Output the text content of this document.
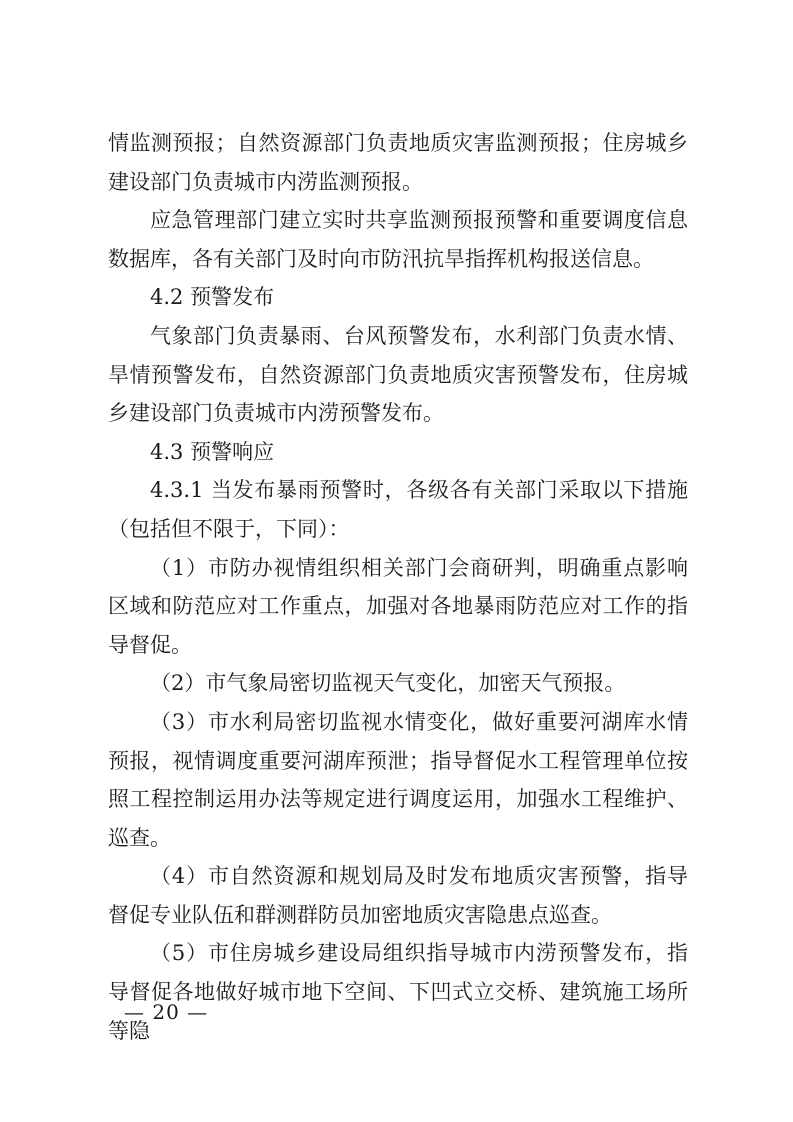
情监测预报；自然资源部门负责地质灾害监测预报；住房城乡建设部门负责城市内涝监测预报。

应急管理部门建立实时共享监测预报预警和重要调度信息数据库，各有关部门及时向市防汛抗旱指挥机构报送信息。

4.2 预警发布

气象部门负责暴雨、台风预警发布，水利部门负责水情、旱情预警发布，自然资源部门负责地质灾害预警发布，住房城乡建设部门负责城市内涝预警发布。

4.3 预警响应

4.3.1 当发布暴雨预警时，各级各有关部门采取以下措施（包括但不限于，下同）：

（1）市防办视情组织相关部门会商研判，明确重点影响区域和防范应对工作重点，加强对各地暴雨防范应对工作的指导督促。

（2）市气象局密切监视天气变化，加密天气预报。

（3）市水利局密切监视水情变化，做好重要河湖库水情预报，视情调度重要河湖库预泄；指导督促水工程管理单位按照工程控制运用办法等规定进行调度运用，加强水工程维护、巡查。

（4）市自然资源和规划局及时发布地质灾害预警，指导督促专业队伍和群测群防员加密地质灾害隐患点巡查。

（5）市住房城乡建设局组织指导城市内涝预警发布，指导督促各地做好城市地下空间、下凹式立交桥、建筑施工场所等隐

— 20 —
